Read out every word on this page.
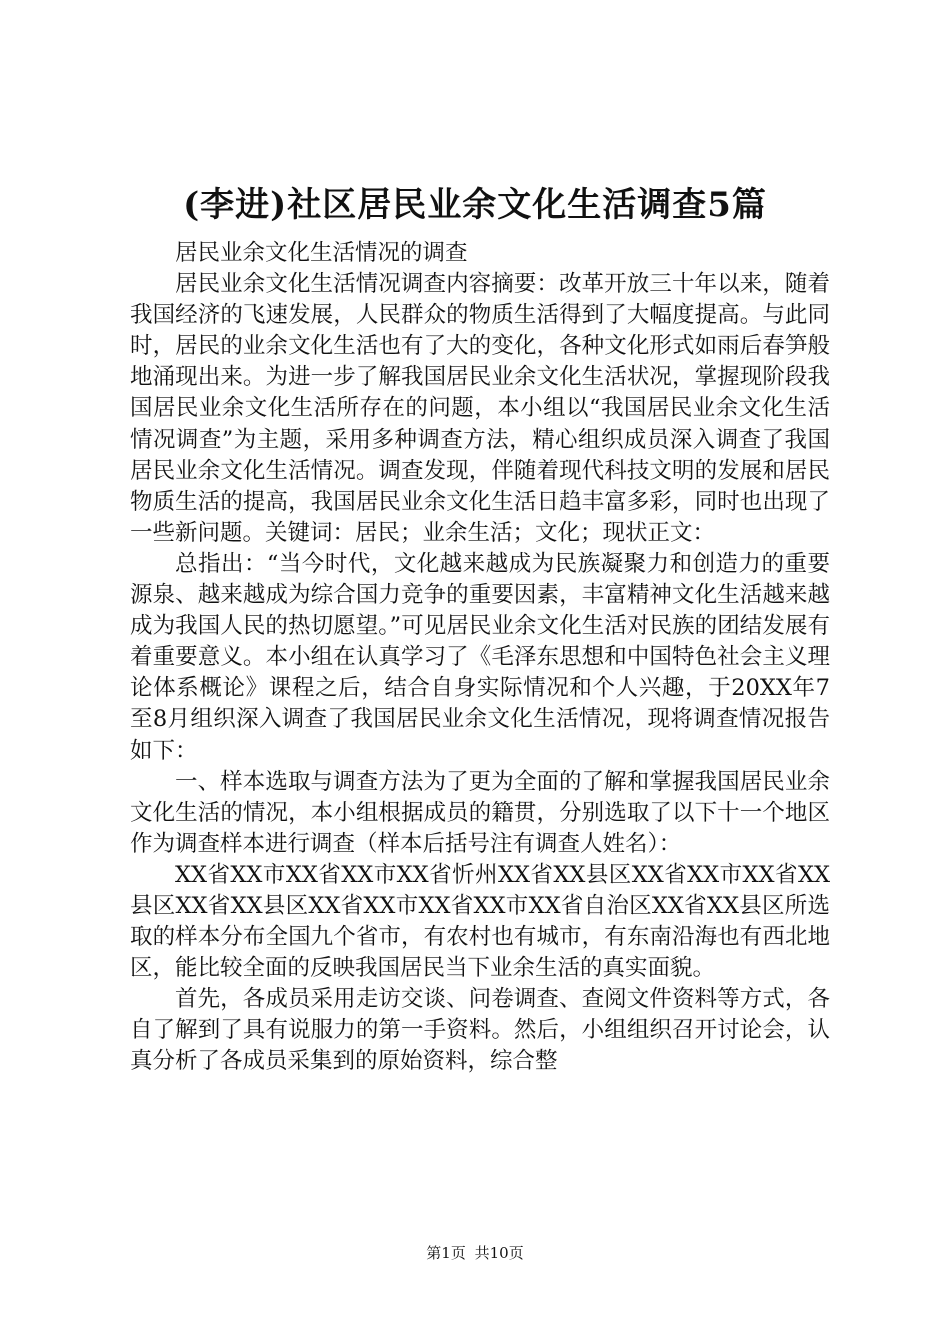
(李进)社区居民业余文化生活调查5篇

居民业余文化生活情况的调查

居民业余文化生活情况调查内容摘要：改革开放三十年以来，随着我国经济的飞速发展，人民群众的物质生活得到了大幅度提高。与此同时，居民的业余文化生活也有了大的变化，各种文化形式如雨后春笋般地涌现出来。为进一步了解我国居民业余文化生活状况，掌握现阶段我国居民业余文化生活所存在的问题，本小组以“我国居民业余文化生活情况调查”为主题，采用多种调查方法，精心组织成员深入调查了我国居民业余文化生活情况。调查发现，伴随着现代科技文明的发展和居民物质生活的提高，我国居民业余文化生活日趋丰富多彩，同时也出现了一些新问题。关键词：居民；业余生活；文化；现状正文：

总指出：“当今时代，文化越来越成为民族凝聚力和创造力的重要源泉、越来越成为综合国力竞争的重要因素，丰富精神文化生活越来越成为我国人民的热切愿望。”可见居民业余文化生活对民族的团结发展有着重要意义。本小组在认真学习了《毛泽东思想和中国特色社会主义理论体系概论》课程之后，结合自身实际情况和个人兴趣，于20XX年7至8月组织深入调查了我国居民业余文化生活情况，现将调查情况报告如下：

一、样本选取与调查方法为了更为全面的了解和掌握我国居民业余文化生活的情况，本小组根据成员的籍贯，分别选取了以下十一个地区作为调查样本进行调查（样本后括号注有调查人姓名）：

XX省XX市XX省XX市XX省忻州XX省XX县区XX省XX市XX省XX县区XX省XX县区XX省XX市XX省XX市XX省自治区XX省XX县区所选取的样本分布全国九个省市，有农村也有城市，有东南沿海也有西北地区，能比较全面的反映我国居民当下业余生活的真实面貌。

首先，各成员采用走访交谈、问卷调查、查阅文件资料等方式，各自了解到了具有说服力的第一手资料。然后，小组组织召开讨论会，认真分析了各成员采集到的原始资料，综合整

第1页 共10页
